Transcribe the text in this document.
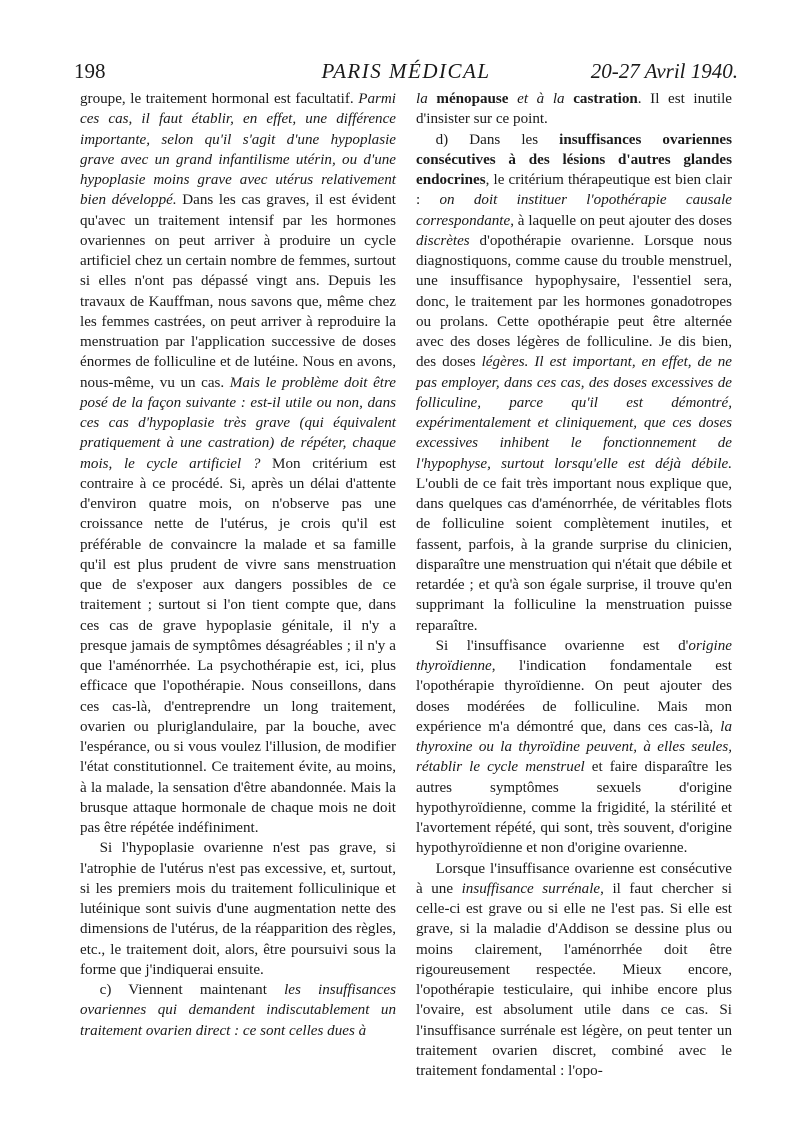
198	PARIS MÉDICAL	20-27 Avril 1940.

groupe, le traitement hormonal est facultatif. Parmi ces cas, il faut établir, en effet, une différence importante, selon qu'il s'agit d'une hypoplasie grave avec un grand infantilisme utérin, ou d'une hypoplasie moins grave avec utérus relativement bien développé. Dans les cas graves, il est évident qu'avec un traitement intensif par les hormones ovariennes on peut arriver à produire un cycle artificiel chez un certain nombre de femmes, surtout si elles n'ont pas dépassé vingt ans. Depuis les travaux de Kauffman, nous savons que, même chez les femmes castrées, on peut arriver à reproduire la menstruation par l'application successive de doses énormes de folliculine et de lutéine. Nous en avons, nous-même, vu un cas. Mais le problème doit être posé de la façon suivante : est-il utile ou non, dans ces cas d'hypoplasie très grave (qui équivalent pratiquement à une castration) de répéter, chaque mois, le cycle artificiel ? Mon critérium est contraire à ce procédé. Si, après un délai d'attente d'environ quatre mois, on n'observe pas une croissance nette de l'utérus, je crois qu'il est préférable de convaincre la malade et sa famille qu'il est plus prudent de vivre sans menstruation que de s'exposer aux dangers possibles de ce traitement ; surtout si l'on tient compte que, dans ces cas de grave hypoplasie génitale, il n'y a presque jamais de symptômes désagréables ; il n'y a que l'aménorrhée. La psychothérapie est, ici, plus efficace que l'opothérapie. Nous conseillons, dans ces cas-là, d'entreprendre un long traitement, ovarien ou pluriglandulaire, par la bouche, avec l'espérance, ou si vous voulez l'illusion, de modifier l'état constitutionnel. Ce traitement évite, au moins, à la malade, la sensation d'être abandonnée. Mais la brusque attaque hormonale de chaque mois ne doit pas être répétée indéfiniment.

Si l'hypoplasie ovarienne n'est pas grave, si l'atrophie de l'utérus n'est pas excessive, et, surtout, si les premiers mois du traitement folliculinique et lutéinique sont suivis d'une augmentation nette des dimensions de l'utérus, de la réapparition des règles, etc., le traitement doit, alors, être poursuivi sous la forme que j'indiquerai ensuite.

c) Viennent maintenant les insuffisances ovariennes qui demandent indiscutablement un traitement ovarien direct : ce sont celles dues à

la ménopause et à la castration. Il est inutile d'insister sur ce point.

d) Dans les insuffisances ovariennes consécutives à des lésions d'autres glandes endocrines, le critérium thérapeutique est bien clair : on doit instituer l'opothérapie causale correspondante, à laquelle on peut ajouter des doses discrètes d'opothérapie ovarienne. Lorsque nous diagnostiquons, comme cause du trouble menstruel, une insuffisance hypophysaire, l'essentiel sera, donc, le traitement par les hormones gonadotropes ou prolans. Cette opothérapie peut être alternée avec des doses légères de folliculine. Je dis bien, des doses légères. Il est important, en effet, de ne pas employer, dans ces cas, des doses excessives de folliculine, parce qu'il est démontré, expérimentalement et cliniquement, que ces doses excessives inhibent le fonctionnement de l'hypophyse, surtout lorsqu'elle est déjà débile. L'oubli de ce fait très important nous explique que, dans quelques cas d'aménorrhée, de véritables flots de folliculine soient complètement inutiles, et fassent, parfois, à la grande surprise du clinicien, disparaître une menstruation qui n'était que débile et retardée ; et qu'à son égale surprise, il trouve qu'en supprimant la folliculine la menstruation puisse reparaître.

Si l'insuffisance ovarienne est d'origine thyroïdienne, l'indication fondamentale est l'opothérapie thyroïdienne. On peut ajouter des doses modérées de folliculine. Mais mon expérience m'a démontré que, dans ces cas-là, la thyroxine ou la thyroïdine peuvent, à elles seules, rétablir le cycle menstruel et faire disparaître les autres symptômes sexuels d'origine hypothyroïdienne, comme la frigidité, la stérilité et l'avortement répété, qui sont, très souvent, d'origine hypothyroïdienne et non d'origine ovarienne.

Lorsque l'insuffisance ovarienne est consécutive à une insuffisance surrénale, il faut chercher si celle-ci est grave ou si elle ne l'est pas. Si elle est grave, si la maladie d'Addison se dessine plus ou moins clairement, l'aménorrhée doit être rigoureusement respectée. Mieux encore, l'opothérapie testiculaire, qui inhibe encore plus l'ovaire, est absolument utile dans ce cas. Si l'insuffisance surrénale est légère, on peut tenter un traitement ovarien discret, combiné avec le traitement fondamental : l'opo-
